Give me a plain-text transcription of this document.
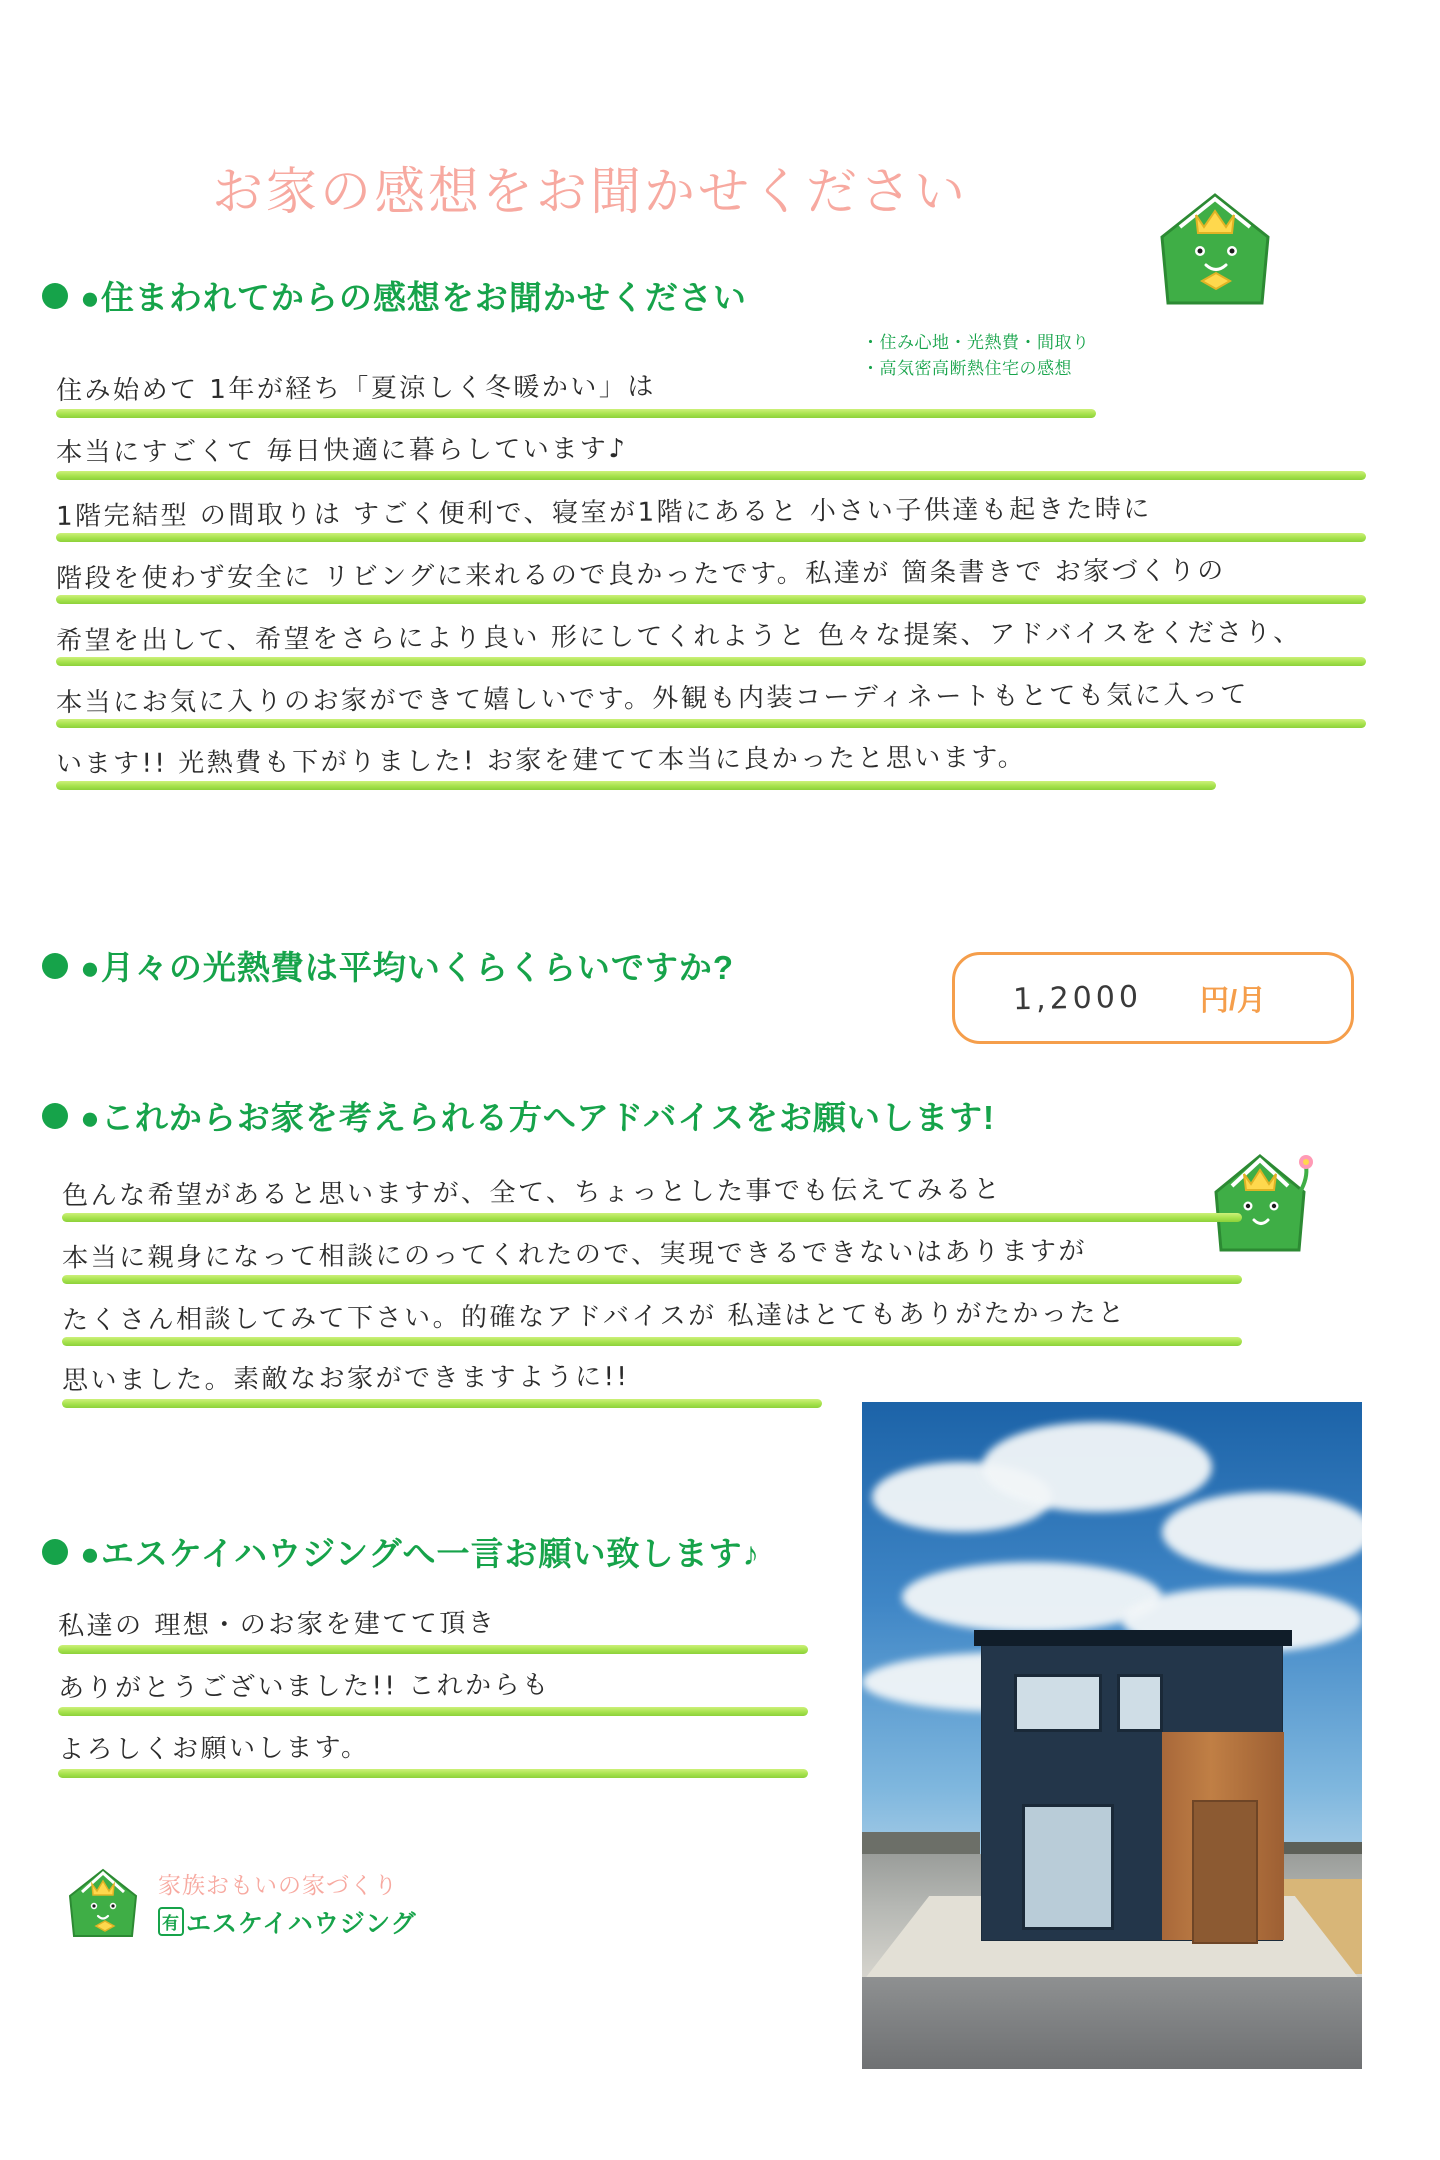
お家の感想をお聞かせください
●住まわれてからの感想をお聞かせください
・住み心地・光熱費・間取り
・高気密高断熱住宅の感想
住み始めて 1年が経ち「夏涼しく冬暖かい」は
本当にすごくて 毎日快適に暮らしています♪
1階完結型 の間取りは すごく便利で、寝室が1階にあると 小さい子供達も起きた時に
階段を使わず安全に リビングに来れるので良かったです。私達が 箇条書きで お家づくりの
希望を出して、希望をさらにより良い 形にしてくれようと 色々な提案、アドバイスをくださり、
本当にお気に入りのお家ができて嬉しいです。外観も内装コーディネートもとても気に入って
います!! 光熱費も下がりました! お家を建てて本当に良かったと思います。
●月々の光熱費は平均いくらくらいですか?
1,2000 円/月
●これからお家を考えられる方へアドバイスをお願いします!
色んな希望があると思いますが、全て、ちょっとした事でも伝えてみると
本当に親身になって相談にのってくれたので、実現できるできないはありますが
たくさん相談してみて下さい。的確なアドバイスが 私達はとてもありがたかったと
思いました。素敵なお家ができますように!!
●エスケイハウジングへ一言お願い致します♪
私達の 理想・のお家を建てて頂き
ありがとうございました!! これからも
よろしくお願いします。
家族おもいの家づくり
有 エスケイハウジング
